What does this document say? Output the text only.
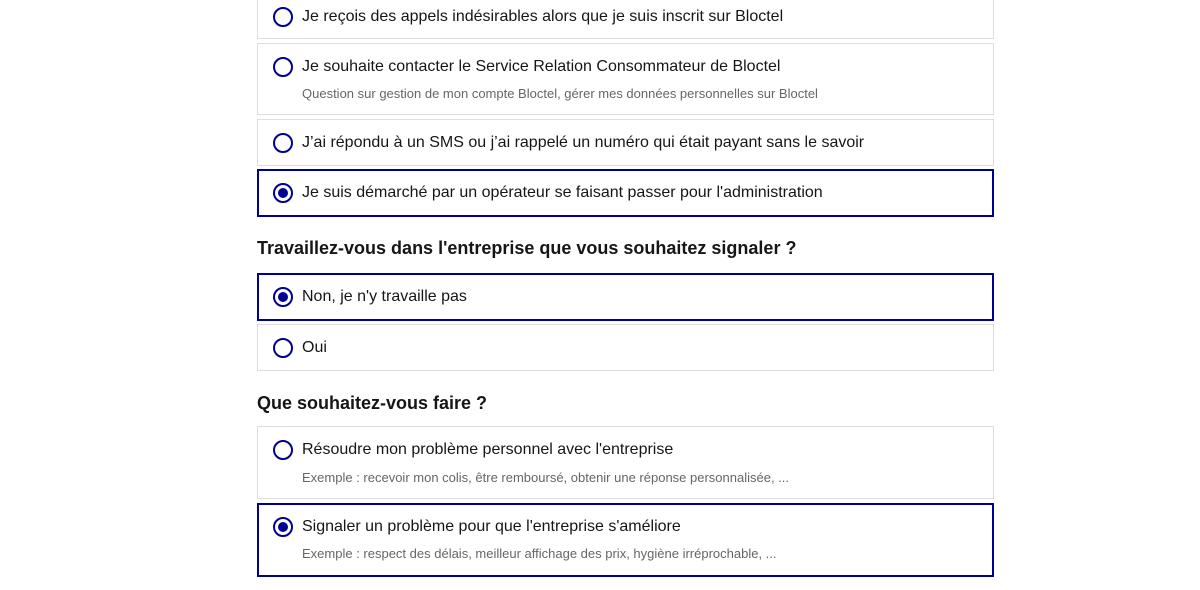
Je reçois des appels indésirables alors que je suis inscrit sur Bloctel
Je souhaite contacter le Service Relation Consommateur de Bloctel
Question sur gestion de mon compte Bloctel, gérer mes données personnelles sur Bloctel
J’ai répondu à un SMS ou j’ai rappelé un numéro qui était payant sans le savoir
Je suis démarché par un opérateur se faisant passer pour l'administration
Travaillez-vous dans l'entreprise que vous souhaitez signaler ?
Non, je n'y travaille pas
Oui
Que souhaitez-vous faire ?
Résoudre mon problème personnel avec l'entreprise
Exemple : recevoir mon colis, être remboursé, obtenir une réponse personnalisée, ...
Signaler un problème pour que l'entreprise s'améliore
Exemple : respect des délais, meilleur affichage des prix, hygiène irréprochable, ...
